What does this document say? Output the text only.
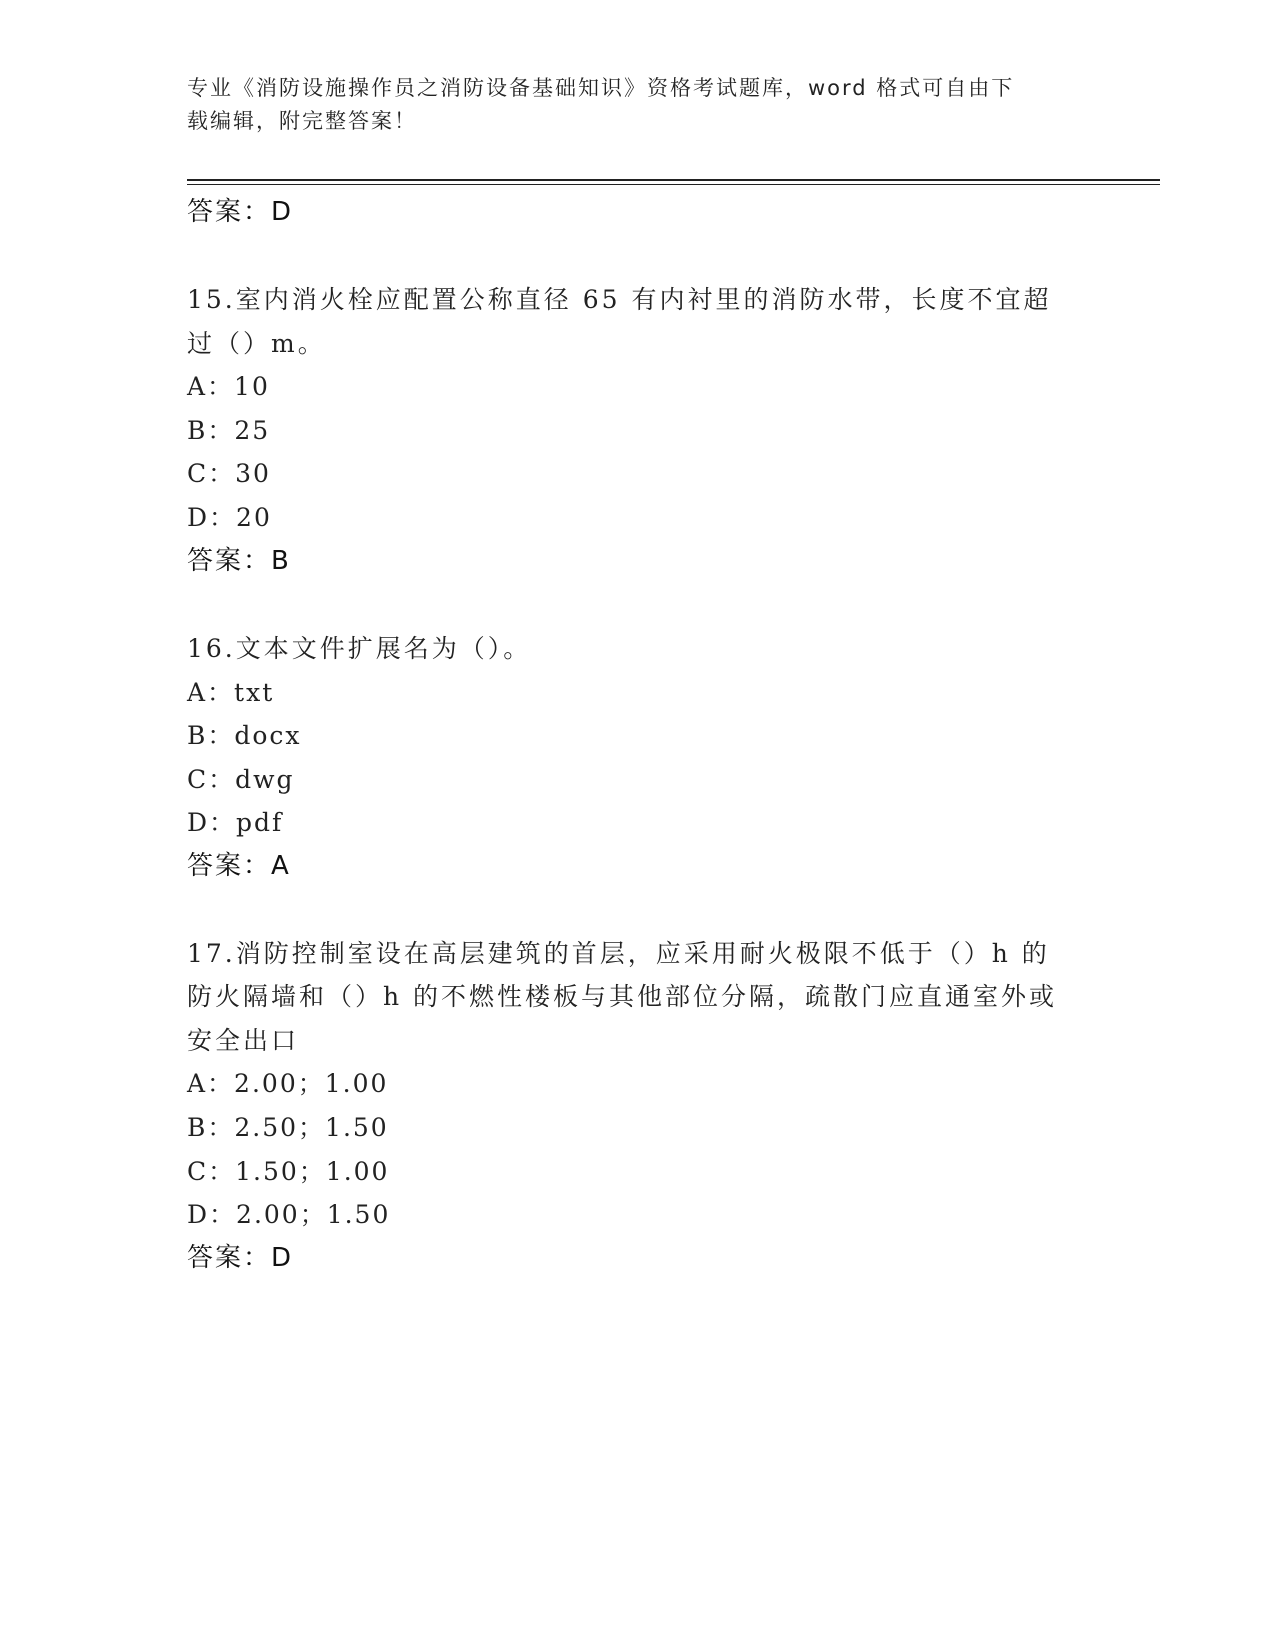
专业《消防设施操作员之消防设备基础知识》资格考试题库，word 格式可自由下
载编辑，附完整答案！
答案：D
15.室内消火栓应配置公称直径 65 有内衬里的消防水带，长度不宜超
过（）m。
A：10
B：25
C：30
D：20
答案：B
16.文本文件扩展名为（）。
A：txt
B：docx
C：dwg
D：pdf
答案：A
17.消防控制室设在高层建筑的首层，应采用耐火极限不低于（）h 的
防火隔墙和（）h 的不燃性楼板与其他部位分隔，疏散门应直通室外或
安全出口
A：2.00；1.00
B：2.50；1.50
C：1.50；1.00
D：2.00；1.50
答案：D
